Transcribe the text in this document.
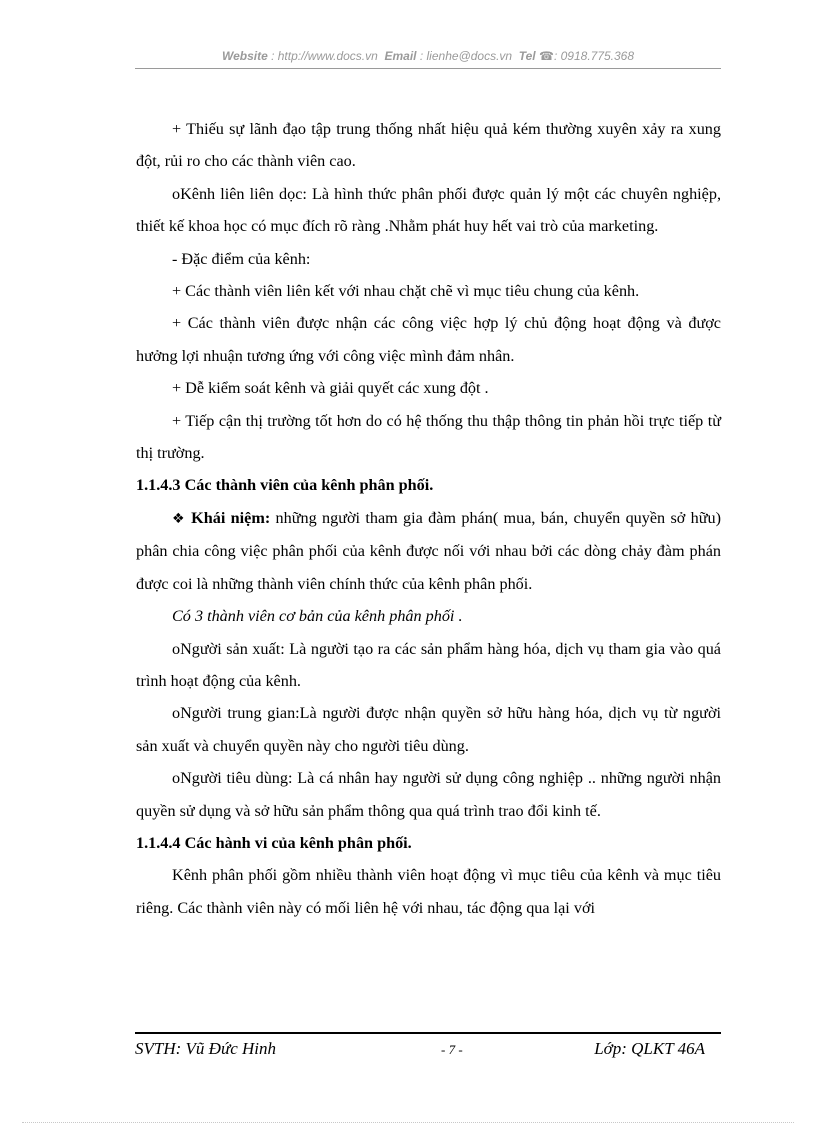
Website : http://www.docs.vn Email : lienhe@docs.vn Tel ☎: 0918.775.368

+ Thiếu sự lãnh đạo tập trung thống nhất hiệu quả kém thường xuyên xảy ra xung đột, rủi ro cho các thành viên cao.

oKênh liên liên dọc: Là hình thức phân phối được quản lý một các chuyên nghiệp, thiết kế khoa học có mục đích rõ ràng .Nhằm phát huy hết vai trò của marketing.

- Đặc điểm của kênh:

+ Các thành viên liên kết với nhau chặt chẽ vì mục tiêu chung của kênh.

+ Các thành viên được nhận các công việc hợp lý chủ động hoạt động và được hưởng lợi nhuận tương ứng với công việc mình đảm nhân.

+ Dễ kiểm soát kênh và giải quyết các xung đột .

+ Tiếp cận thị trường tốt hơn do có hệ thống thu thập thông tin phản hồi trực tiếp từ thị trường.

1.1.4.3 Các thành viên của kênh phân phối.

❖ Khái niệm: những người tham gia đàm phán( mua, bán, chuyển quyền sở hữu) phân chia công việc phân phối của kênh được nối với nhau bởi các dòng chảy đàm phán được coi là những thành viên chính thức của kênh phân phối.

Có 3 thành viên cơ bản của kênh phân phối .

oNgười sản xuất: Là người tạo ra các sản phẩm hàng hóa, dịch vụ tham gia vào quá trình hoạt động của kênh.

oNgười trung gian:Là người được nhận quyền sở hữu hàng hóa, dịch vụ từ người sản xuất và chuyển quyền này cho người tiêu dùng.

oNgười tiêu dùng: Là cá nhân hay người sử dụng công nghiệp .. những người nhận quyền sử dụng và sở hữu sản phẩm thông qua quá trình trao đổi kinh tế.

1.1.4.4 Các hành vi của kênh phân phối.

Kênh phân phối gồm nhiều thành viên hoạt động vì mục tiêu của kênh và mục tiêu riêng. Các thành viên này có mối liên hệ với nhau, tác động qua lại với

SVTH: Vũ Đức Hinh	- 7 -	Lớp: QLKT 46A
